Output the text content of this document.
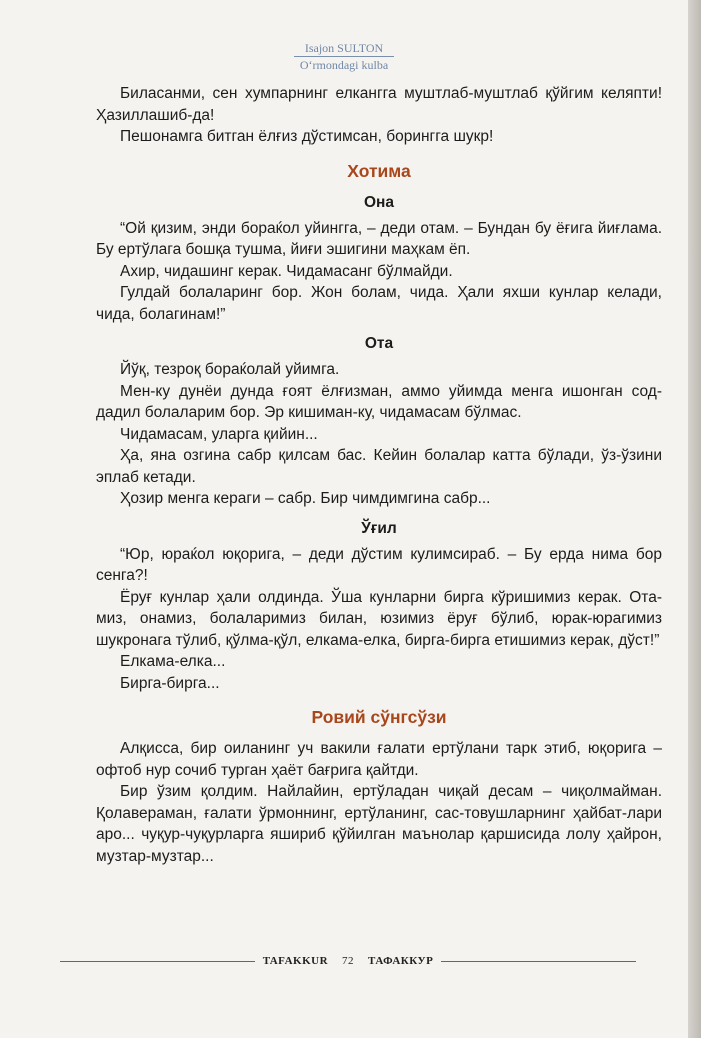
Isajon SULTON
O‘rmondagi kulba

Биласанми, сен хумпарнинг елкангга муштлаб-муштлаб қўйгим келяпти! Ҳазиллашиб-да!

Пешонамга битган ёлғиз дўстимсан, борингга шукр!

Хотима
Она

“Ой қизим, энди бораќол уйингга, – деди отам. – Бундан бу ёғига йиғлама. Бу ертўлага бошқа тушма, йиғи эшигини маҳкам ёп.

Ахир, чидашинг керак. Чидамасанг бўлмайди.

Гулдай болаларинг бор. Жон болам, чида. Ҳали яхши кунлар келади, чида, болагинам!”

Ота

Йўқ, тезроқ бораќолай уйимга.

Мен-ку дунёи дунда ғоят ёлғизман, аммо уйимда менга ишонган сод-дадил болаларим бор. Эр кишиман-ку, чидамасам бўлмас.

Чидамасам, уларга қийин...

Ҳа, яна озгина сабр қилсам бас. Кейин болалар катта бўлади, ўз-ўзини эплаб кетади.

Ҳозир менга кераги – сабр. Бир чимдимгина сабр...

Ўғил

“Юр, юраќол юқорига, – деди дўстим кулимсираб. – Бу ерда нима бор сенга?!

Ёруғ кунлар ҳали олдинда. Ўша кунларни бирга кўришимиз керак. Ота-миз, онамиз, болаларимиз билан, юзимиз ёруғ бўлиб, юрак-юрагимиз шукронага тўлиб, қўлма-қўл, елкама-елка, бирга-бирга етишимиз керак, дўст!”

Елкама-елка...

Бирга-бирга...

Ровий сўнгсўзи

Алқисса, бир оиланинг уч вакили ғалати ертўлани тарк этиб, юқорига – офтоб нур сочиб турган ҳаёт бағрига қайтди.

Бир ўзим қолдим. Найлайин, ертўладан чиқай десам – чиқолмайман. Қолавераман, ғалати ўрмоннинг, ертўланинг, сас-товушларнинг ҳайбат-лари аро... чуқур-чуқурларга яшириб қўйилган маънолар қаршисида лолу ҳайрон, музтар-музтар...

TAFAKKUR 72 ТАФАККУР
